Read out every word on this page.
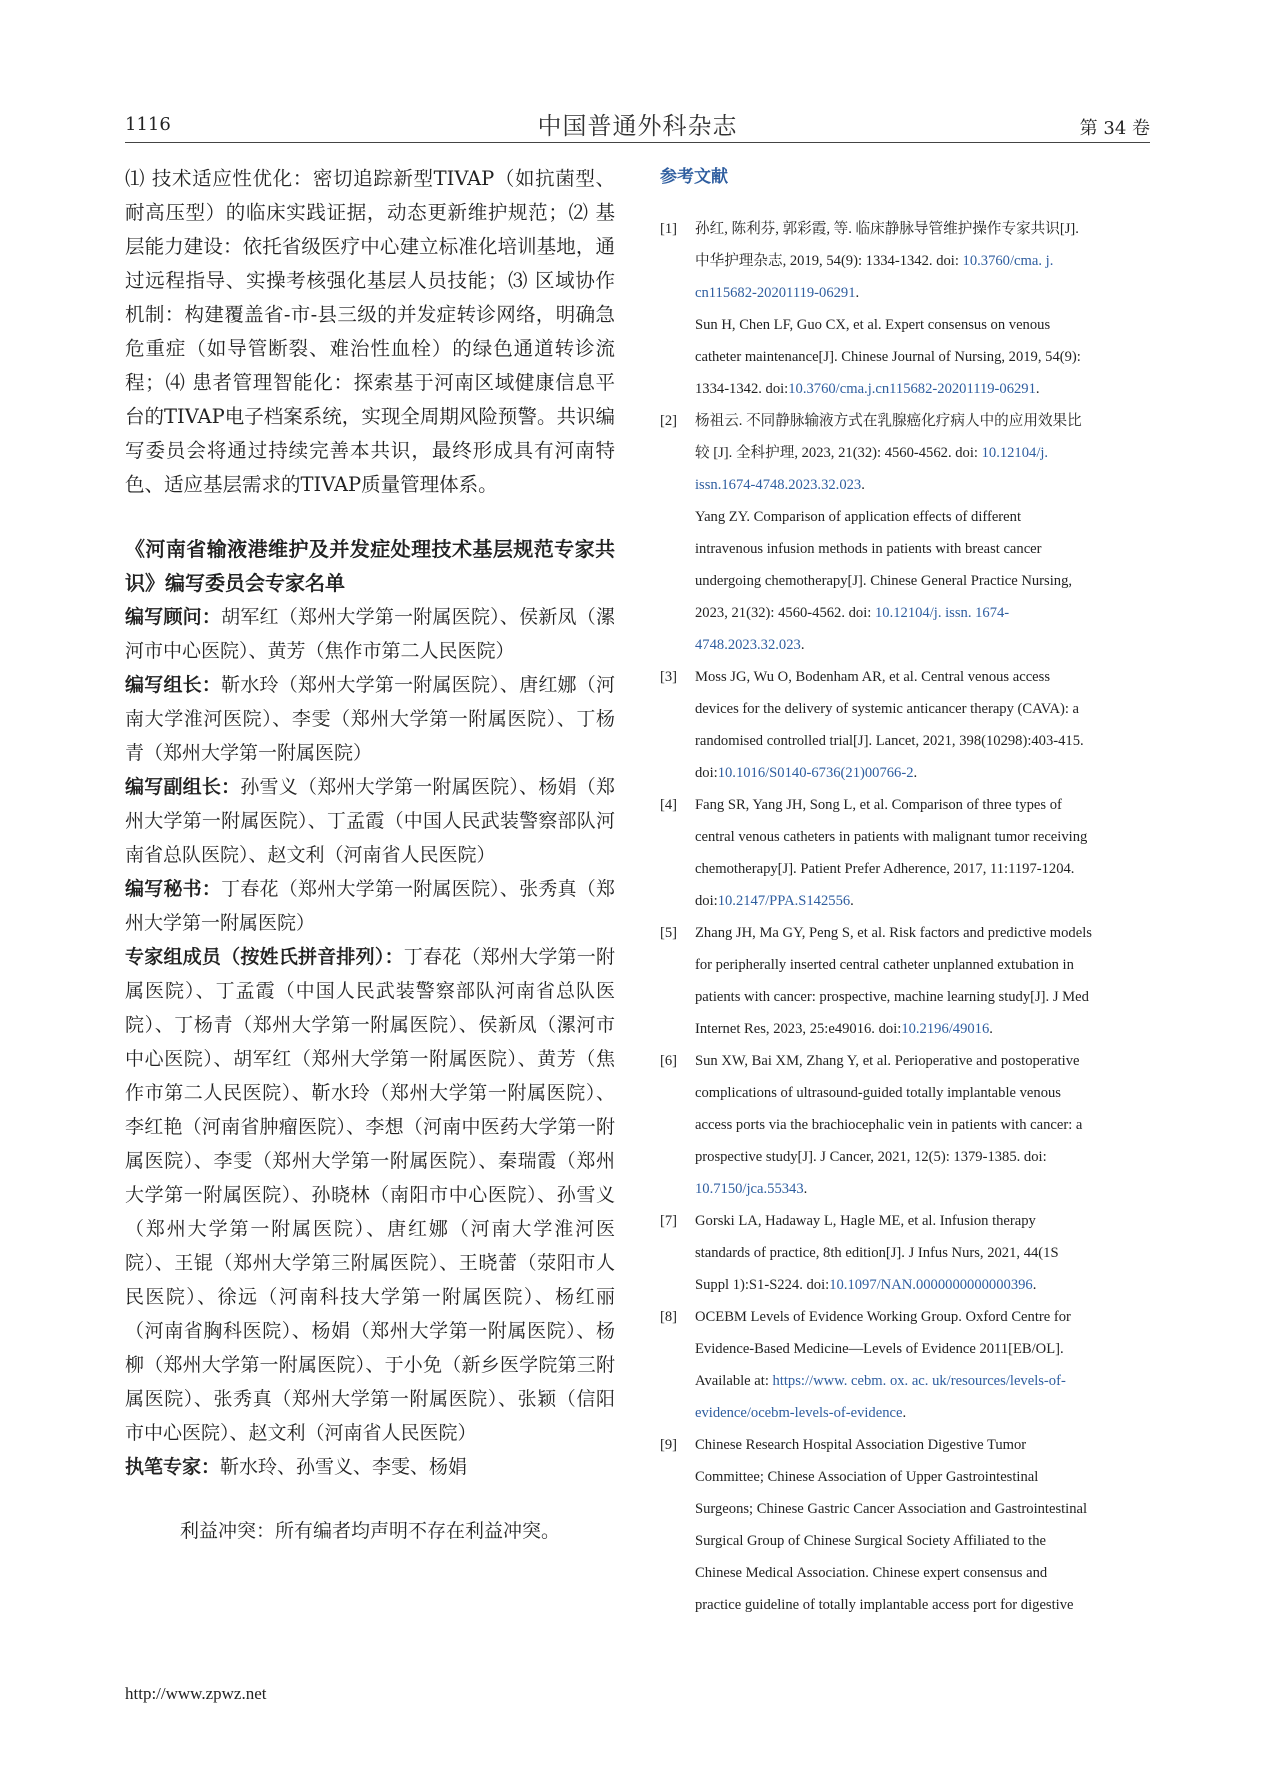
1116	中国普通外科杂志	第 34 卷

⑴ 技术适应性优化：密切追踪新型TIVAP（如抗菌型、耐高压型）的临床实践证据，动态更新维护规范；⑵ 基层能力建设：依托省级医疗中心建立标准化培训基地，通过远程指导、实操考核强化基层人员技能；⑶ 区域协作机制：构建覆盖省-市-县三级的并发症转诊网络，明确急危重症（如导管断裂、难治性血栓）的绿色通道转诊流程；⑷ 患者管理智能化：探索基于河南区域健康信息平台的TIVAP电子档案系统，实现全周期风险预警。共识编写委员会将通过持续完善本共识，最终形成具有河南特色、适应基层需求的TIVAP质量管理体系。

《河南省输液港维护及并发症处理技术基层规范专家共识》编写委员会专家名单

编写顾问：胡军红（郑州大学第一附属医院）、侯新凤（漯河市中心医院）、黄芳（焦作市第二人民医院）

编写组长：靳水玲（郑州大学第一附属医院）、唐红娜（河南大学淮河医院）、李雯（郑州大学第一附属医院）、丁杨青（郑州大学第一附属医院）

编写副组长：孙雪义（郑州大学第一附属医院）、杨娟（郑州大学第一附属医院）、丁孟霞（中国人民武装警察部队河南省总队医院）、赵文利（河南省人民医院）

编写秘书：丁春花（郑州大学第一附属医院）、张秀真（郑州大学第一附属医院）

专家组成员（按姓氏拼音排列）：丁春花（郑州大学第一附属医院）、丁孟霞（中国人民武装警察部队河南省总队医院）、丁杨青（郑州大学第一附属医院）、侯新凤（漯河市中心医院）、胡军红（郑州大学第一附属医院）、黄芳（焦作市第二人民医院）、靳水玲（郑州大学第一附属医院）、李红艳（河南省肿瘤医院）、李想（河南中医药大学第一附属医院）、李雯（郑州大学第一附属医院）、秦瑞霞（郑州大学第一附属医院）、孙晓林（南阳市中心医院）、孙雪义（郑州大学第一附属医院）、唐红娜（河南大学淮河医院）、王锟（郑州大学第三附属医院）、王晓蕾（荥阳市人民医院）、徐远（河南科技大学第一附属医院）、杨红丽（河南省胸科医院）、杨娟（郑州大学第一附属医院）、杨柳（郑州大学第一附属医院）、于小免（新乡医学院第三附属医院）、张秀真（郑州大学第一附属医院）、张颖（信阳市中心医院）、赵文利（河南省人民医院）

执笔专家：靳水玲、孙雪义、李雯、杨娟

利益冲突：所有编者均声明不存在利益冲突。

参考文献

[1] 孙红, 陈利芬, 郭彩霞, 等. 临床静脉导管维护操作专家共识[J].
中华护理杂志, 2019, 54(9): 1334-1342. doi: 10.3760/cma. j.
cn115682-20201119-06291.
Sun H, Chen LF, Guo CX, et al. Expert consensus on venous
catheter maintenance[J]. Chinese Journal of Nursing, 2019, 54(9):
1334-1342. doi:10.3760/cma.j.cn115682-20201119-06291.
[2] 杨祖云. 不同静脉输液方式在乳腺癌化疗病人中的应用效果比
较 [J]. 全科护理, 2023, 21(32): 4560-4562. doi: 10.12104/j.
issn.1674-4748.2023.32.023.
Yang ZY. Comparison of application effects of different
intravenous infusion methods in patients with breast cancer
undergoing chemotherapy[J]. Chinese General Practice Nursing,
2023, 21(32): 4560-4562. doi: 10.12104/j. issn. 1674-
4748.2023.32.023.
[3] Moss JG, Wu O, Bodenham AR, et al. Central venous access
devices for the delivery of systemic anticancer therapy (CAVA): a
randomised controlled trial[J]. Lancet, 2021, 398(10298):403-415.
doi:10.1016/S0140-6736(21)00766-2.
[4] Fang SR, Yang JH, Song L, et al. Comparison of three types of
central venous catheters in patients with malignant tumor receiving
chemotherapy[J]. Patient Prefer Adherence, 2017, 11:1197-1204.
doi:10.2147/PPA.S142556.
[5] Zhang JH, Ma GY, Peng S, et al. Risk factors and predictive models
for peripherally inserted central catheter unplanned extubation in
patients with cancer: prospective, machine learning study[J]. J Med
Internet Res, 2023, 25:e49016. doi:10.2196/49016.
[6] Sun XW, Bai XM, Zhang Y, et al. Perioperative and postoperative
complications of ultrasound-guided totally implantable venous
access ports via the brachiocephalic vein in patients with cancer: a
prospective study[J]. J Cancer, 2021, 12(5): 1379-1385. doi:
10.7150/jca.55343.
[7] Gorski LA, Hadaway L, Hagle ME, et al. Infusion therapy
standards of practice, 8th edition[J]. J Infus Nurs, 2021, 44(1S
Suppl 1):S1-S224. doi:10.1097/NAN.0000000000000396.
[8] OCEBM Levels of Evidence Working Group. Oxford Centre for
Evidence-Based Medicine—Levels of Evidence 2011[EB/OL].
Available at: https://www. cebm. ox. ac. uk/resources/levels-of-
evidence/ocebm-levels-of-evidence.
[9] Chinese Research Hospital Association Digestive Tumor
Committee; Chinese Association of Upper Gastrointestinal
Surgeons; Chinese Gastric Cancer Association and Gastrointestinal
Surgical Group of Chinese Surgical Society Affiliated to the
Chinese Medical Association. Chinese expert consensus and
practice guideline of totally implantable access port for digestive
http://www.zpwz.net
